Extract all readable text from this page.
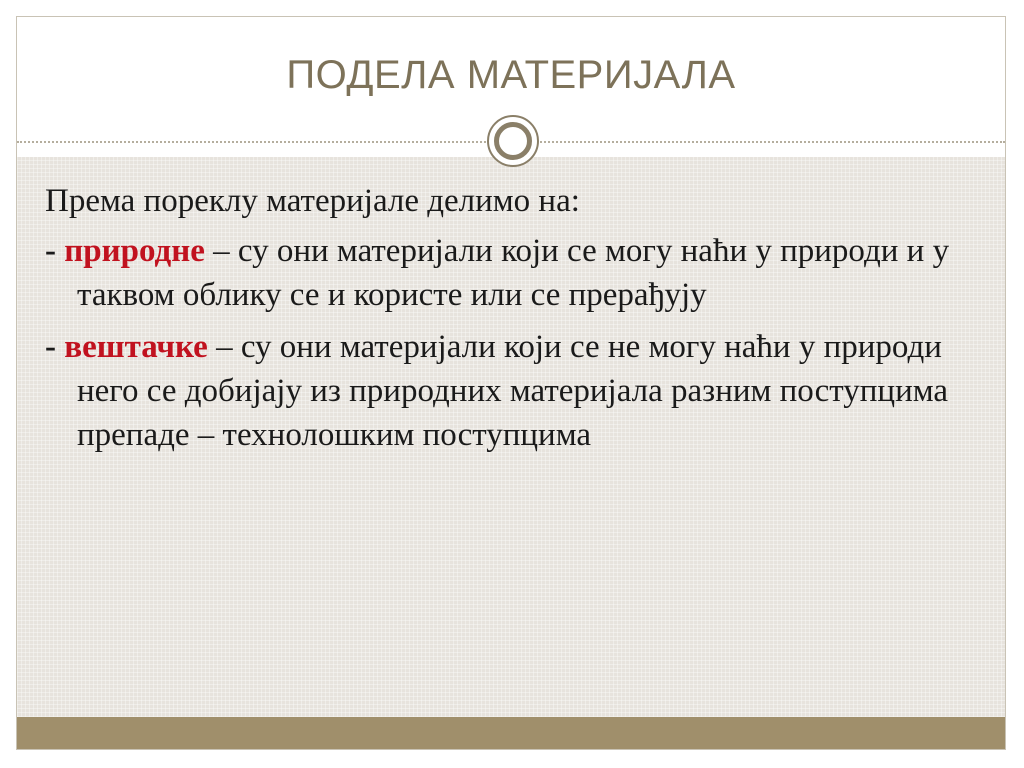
ПОДЕЛА МАТЕРИЈАЛА

Према пореклу материјале делимо на:

- природне – су они материјали који се могу наћи у природи и у таквом облику се и користе или се прерађују

- вештачке – су они материјали који се не могу наћи у природи него се добијају из природних материјала разним поступцима препаде – технолошким поступцима
